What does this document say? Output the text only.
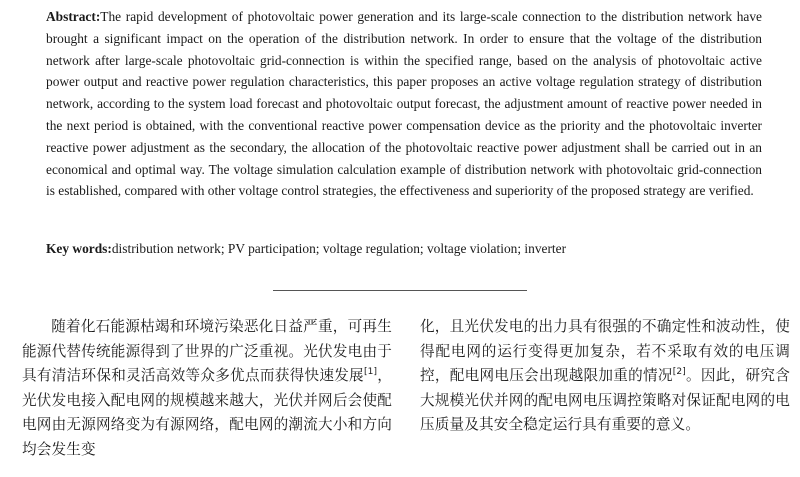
Abstract:The rapid development of photovoltaic power generation and its large-scale connection to the distribution network have brought a significant impact on the operation of the distribution network. In order to ensure that the voltage of the distribution network after large-scale photovoltaic grid-connection is within the specified range, based on the analysis of photovoltaic active power output and reactive power regulation characteristics, this paper proposes an active voltage regulation strategy of distribution network, according to the system load forecast and photovoltaic output forecast, the adjustment amount of reactive power needed in the next period is obtained, with the conventional reactive power compensation device as the priority and the photovoltaic inverter reactive power adjustment as the secondary, the allocation of the photovoltaic reactive power adjustment shall be carried out in an economical and optimal way. The voltage simulation calculation example of distribution network with photovoltaic grid-connection is established, compared with other voltage control strategies, the effectiveness and superiority of the proposed strategy are verified.
Key words:distribution network; PV participation; voltage regulation; voltage violation; inverter

随着化石能源枯竭和环境污染恶化日益严重，可再生能源代替传统能源得到了世界的广泛重视。光伏发电由于具有清洁环保和灵活高效等众多优点而获得快速发展[1]，光伏发电接入配电网的规模越来越大，光伏并网后会使配电网由无源网络变为有源网络，配电网的潮流大小和方向均会发生变

化，且光伏发电的出力具有很强的不确定性和波动性，使得配电网的运行变得更加复杂，若不采取有效的电压调控，配电网电压会出现越限加重的情况[2]。因此，研究含大规模光伏并网的配电网电压调控策略对保证配电网的电压质量及其安全稳定运行具有重要的意义。
